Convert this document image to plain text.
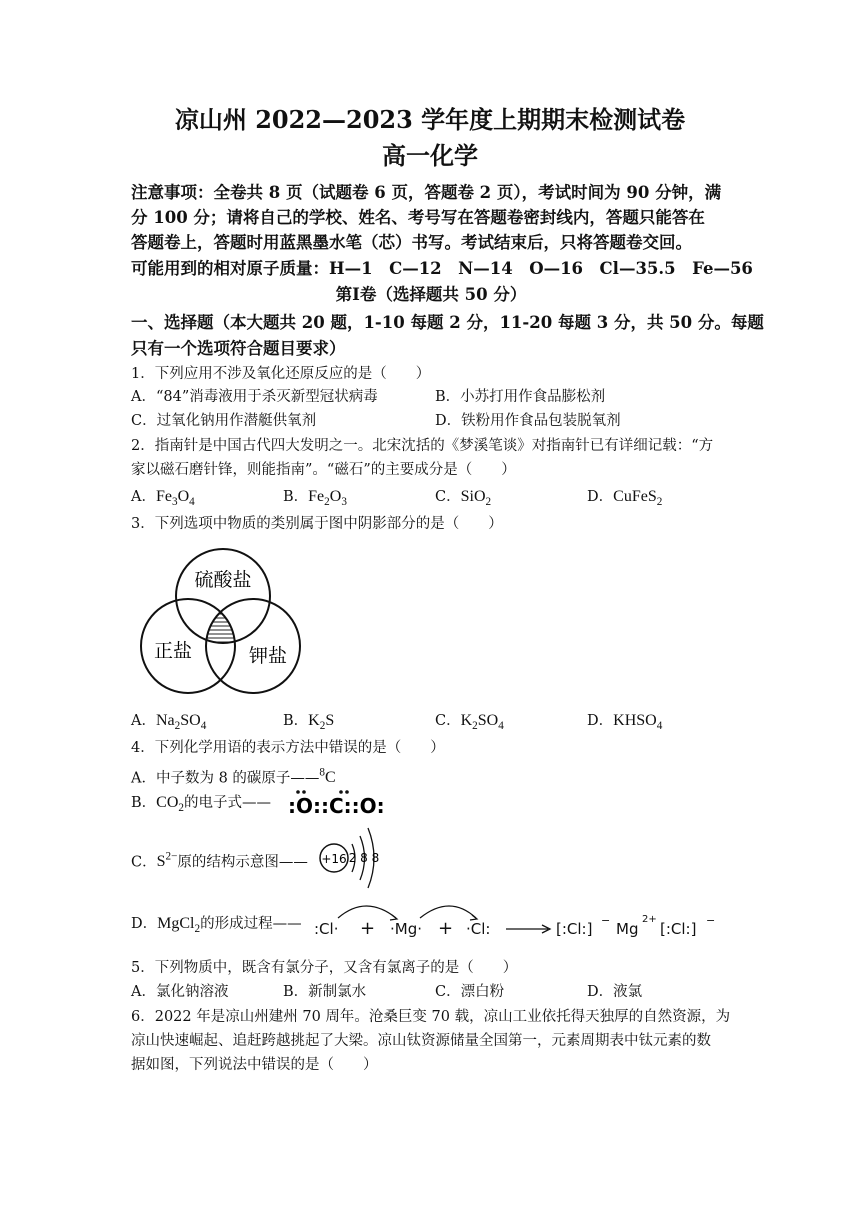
凉山州 2022—2023 学年度上期期末检测试卷
高一化学
注意事项：全卷共 8 页（试题卷 6 页，答题卷 2 页），考试时间为 90 分钟，满
分 100 分；请将自己的学校、姓名、考号写在答题卷密封线内，答题只能答在
答题卷上，答题时用蓝黑墨水笔（芯）书写。考试结束后，只将答题卷交回。
可能用到的相对原子质量：H—1　C—12　N—14　O—16　Cl—35.5　Fe—56
第Ⅰ卷（选择题共 50 分）
一、选择题（本大题共 20 题，1-10 每题 2 分，11-20 每题 3 分，共 50 分。每题
只有一个选项符合题目要求）
1．下列应用不涉及氧化还原反应的是（　　）
A．“84”消毒液用于杀灭新型冠状病毒	B．小苏打用作食品膨松剂
C．过氧化钠用作潜艇供氧剂	D．铁粉用作食品包装脱氧剂
2．指南针是中国古代四大发明之一。北宋沈括的《梦溪笔谈》对指南针已有详细记载：“方
家以磁石磨针锋，则能指南”。“磁石”的主要成分是（　　）
A．$Fe_3O_4$	B．$Fe_2O_3$	C．SiO$_2$	D．CuFeS$_2$
3．下列选项中物质的类别属于图中阴影部分的是（　　）
硫酸盐
正盐	钾盐
A．$Na_2SO_4$	B．$K_2S$	C．$K_2SO_4$	D．$KHSO_4$
4．下列化学用语的表示方法中错误的是（　　）
A．中子数为 8 的碳原子——$^8$C
B．$CO_2$的电子式—— :O::C::O:
C．$S^{2-}$原的结构示意图—— +16 2 8 8
D．MgCl$_2$的形成过程—— :Cl· + ·Mg· + ·Cl:	[:Cl:] − Mg
2+
[:Cl:] −
5．下列物质中，既含有氯分子，又含有氯离子的是（　　）
A．氯化钠溶液	B．新制氯水	C．漂白粉	D．液氯
6．2022 年是凉山州建州 70 周年。沧桑巨变 70 载，凉山工业依托得天独厚的自然资源，为
凉山快速崛起、追赶跨越挑起了大梁。凉山钛资源储量全国第一，元素周期表中钛元素的数
据如图，下列说法中错误的是（　　）
